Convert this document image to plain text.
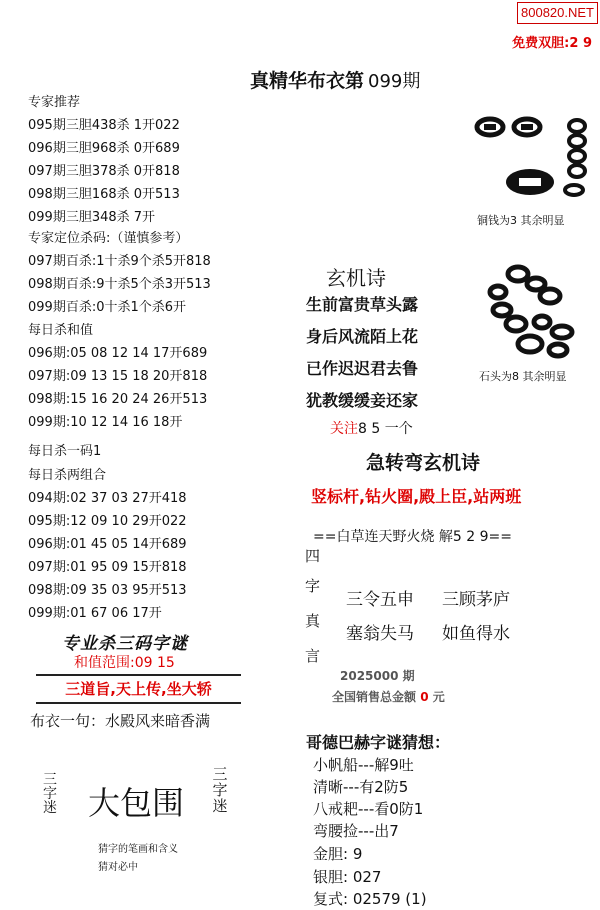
800820.NET
免费双胆:2 9
真精华布衣第 099期
专家推荐
095期三胆438杀 1开022
096期三胆968杀 0开689
097期三胆378杀 0开818
098期三胆168杀 0开513
099期三胆348杀 7开
专家定位杀码:（谨慎参考）
097期百杀:1十杀9个杀5开818
098期百杀:9十杀5个杀3开513
099期百杀:0十杀1个杀6开
每日杀和值
096期:05 08 12 14 17开689
097期:09 13 15 18 20开818
098期:15 16 20 24 26开513
099期:10 12 14 16 18开
每日杀一码1
每日杀两组合
094期:02 37 03 27开418
095期:12 09 10 29开022
096期:01 45 05 14开689
097期:01 95 09 15开818
098期:09 35 03 95开513
099期:01 67 06 17开
专业杀三码字谜
和值范围:09 15
三道旨,天上传,坐大轿
布衣一句：水殿风来暗香满
三
字
迷 大包围
三
字
迷
猜字的笔画和含义
猜对必中
铜钱为3 其余明显
石头为8 其余明显
玄机诗
生前富贵草头露
身后风流陌上花
已作迟迟君去鲁
犹教缓缓妾还家
关注8 5 一个
急转弯玄机诗
竖标杆,钻火圈,殿上臣,站两班
==白草连天野火烧 解5 2 9==
四
字
真
言
三令五申 三顾茅庐
塞翁失马 如鱼得水
2025000 期
全国销售总金额 0 元
哥德巴赫字谜猜想：
小帆船---解9吐
清晰---有2防5
八戒耙---看0防1
弯腰捡---出7
金胆: 9
银胆: 027
复式: 02579 (1)
